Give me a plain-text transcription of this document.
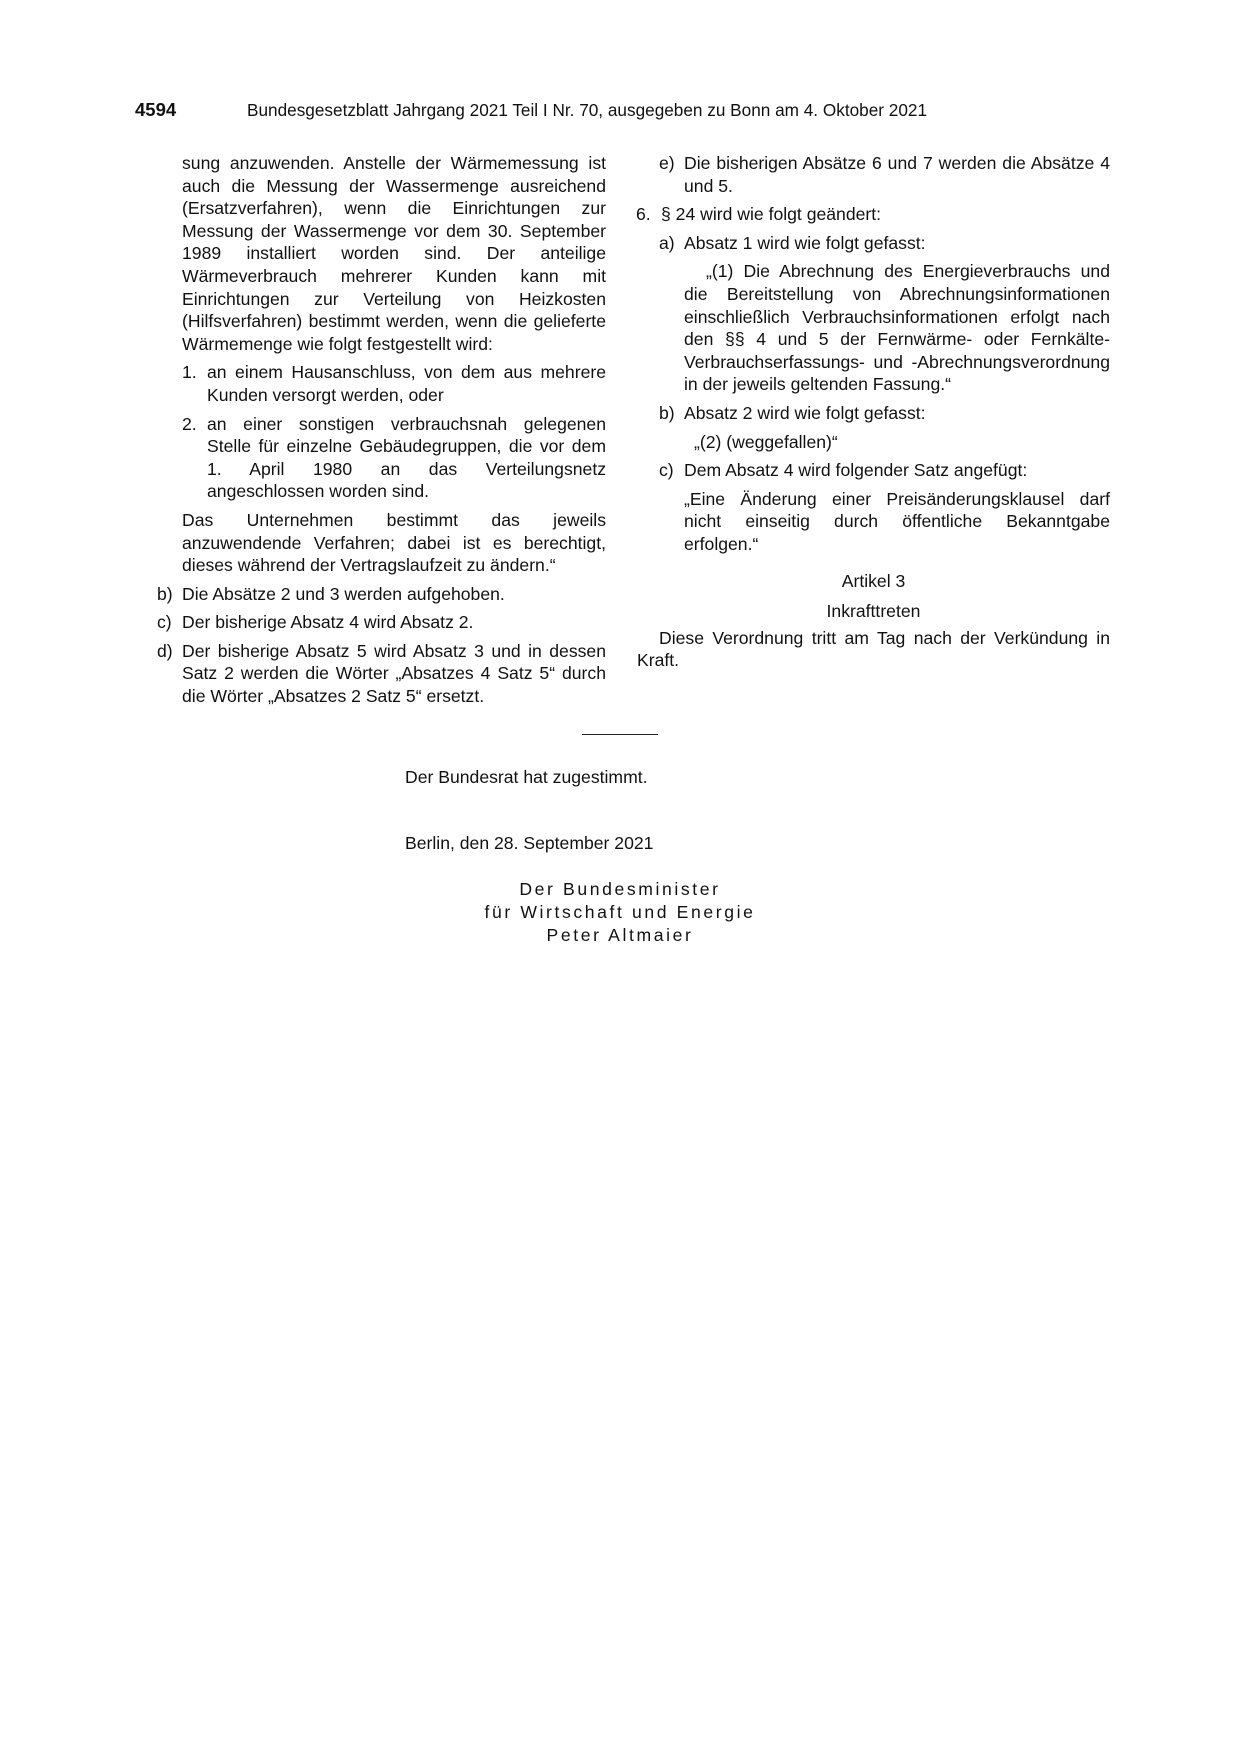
4594	Bundesgesetzblatt Jahrgang 2021 Teil I Nr. 70, ausgegeben zu Bonn am 4. Oktober 2021

sung anzuwenden. Anstelle der Wärmemessung ist auch die Messung der Wassermenge ausreichend (Ersatzverfahren), wenn die Einrichtungen zur Messung der Wassermenge vor dem 30. September 1989 installiert worden sind. Der anteilige Wärmeverbrauch mehrerer Kunden kann mit Einrichtungen zur Verteilung von Heizkosten (Hilfsverfahren) bestimmt werden, wenn die gelieferte Wärmemenge wie folgt festgestellt wird:

1. an einem Hausanschluss, von dem aus mehrere Kunden versorgt werden, oder
2. an einer sonstigen verbrauchsnah gelegenen Stelle für einzelne Gebäudegruppen, die vor dem 1. April 1980 an das Verteilungsnetz angeschlossen worden sind.

Das Unternehmen bestimmt das jeweils anzuwendende Verfahren; dabei ist es berechtigt, dieses während der Vertragslaufzeit zu ändern.“

b) Die Absätze 2 und 3 werden aufgehoben.
c) Der bisherige Absatz 4 wird Absatz 2.
d) Der bisherige Absatz 5 wird Absatz 3 und in dessen Satz 2 werden die Wörter „Absatzes 4 Satz 5“ durch die Wörter „Absatzes 2 Satz 5“ ersetzt.
e) Die bisherigen Absätze 6 und 7 werden die Absätze 4 und 5.
6. § 24 wird wie folgt geändert:
a) Absatz 1 wird wie folgt gefasst:

„(1) Die Abrechnung des Energieverbrauchs und die Bereitstellung von Abrechnungsinformationen einschließlich Verbrauchsinformationen erfolgt nach den §§ 4 und 5 der Fernwärme- oder Fernkälte-Verbrauchserfassungs- und -Abrechnungsverordnung in der jeweils geltenden Fassung.“

b) Absatz 2 wird wie folgt gefasst:

„(2) (weggefallen)“

c) Dem Absatz 4 wird folgender Satz angefügt:

„Eine Änderung einer Preisänderungsklausel darf nicht einseitig durch öffentliche Bekanntgabe erfolgen.“

Artikel 3

Inkrafttreten

Diese Verordnung tritt am Tag nach der Verkündung in Kraft.

Der Bundesrat hat zugestimmt.
Berlin, den 28. September 2021
Der Bundesminister
für Wirtschaft und Energie
Peter Altmaier
